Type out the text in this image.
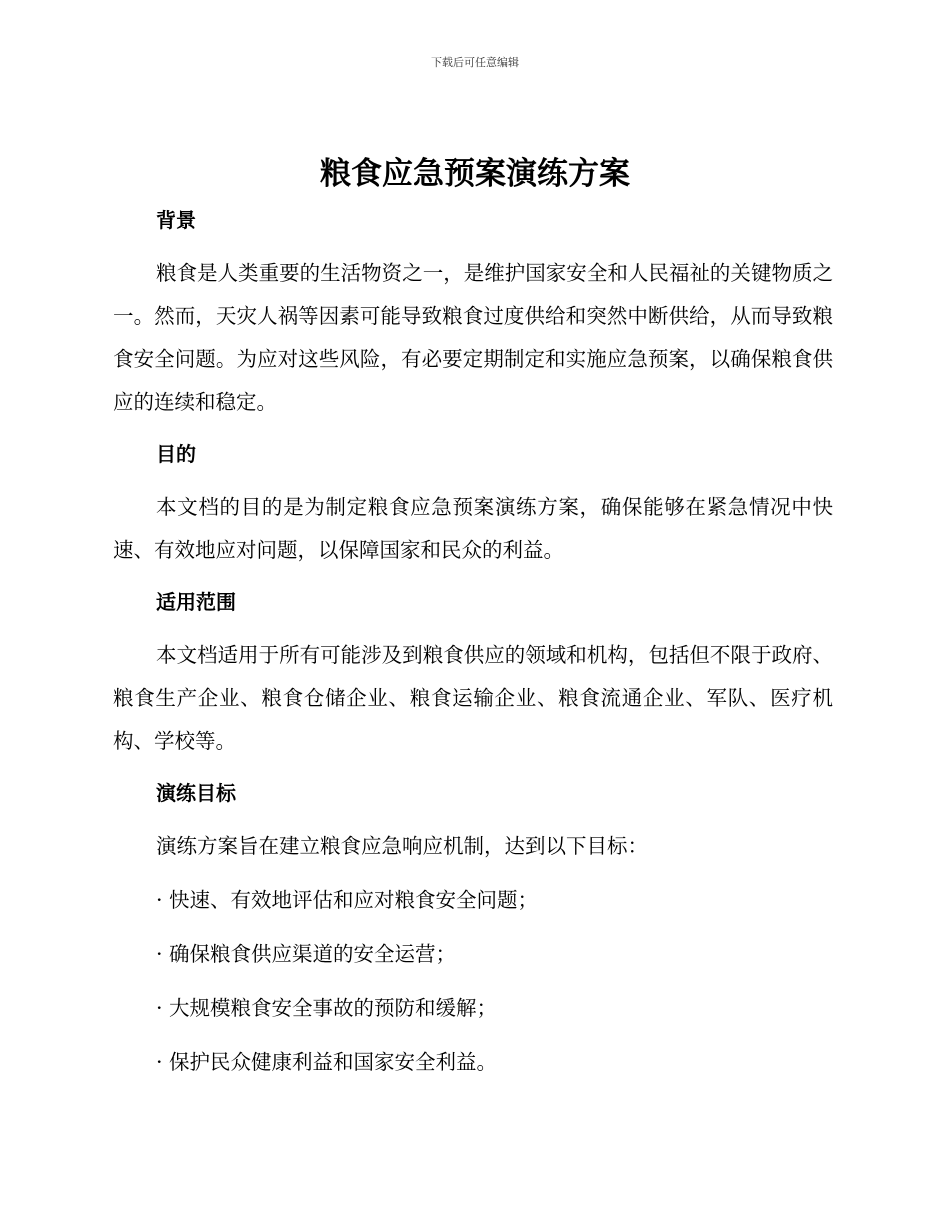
下载后可任意编辑
粮食应急预案演练方案
背景

粮食是人类重要的生活物资之一，是维护国家安全和人民福祉的关键物质之一。然而，天灾人祸等因素可能导致粮食过度供给和突然中断供给，从而导致粮食安全问题。为应对这些风险，有必要定期制定和实施应急预案，以确保粮食供应的连续和稳定。

目的

本文档的目的是为制定粮食应急预案演练方案，确保能够在紧急情况中快速、有效地应对问题，以保障国家和民众的利益。

适用范围

本文档适用于所有可能涉及到粮食供应的领域和机构，包括但不限于政府、粮食生产企业、粮食仓储企业、粮食运输企业、粮食流通企业、军队、医疗机构、学校等。

演练目标

演练方案旨在建立粮食应急响应机制，达到以下目标：

· 快速、有效地评估和应对粮食安全问题；

· 确保粮食供应渠道的安全运营；

· 大规模粮食安全事故的预防和缓解；

· 保护民众健康利益和国家安全利益。
